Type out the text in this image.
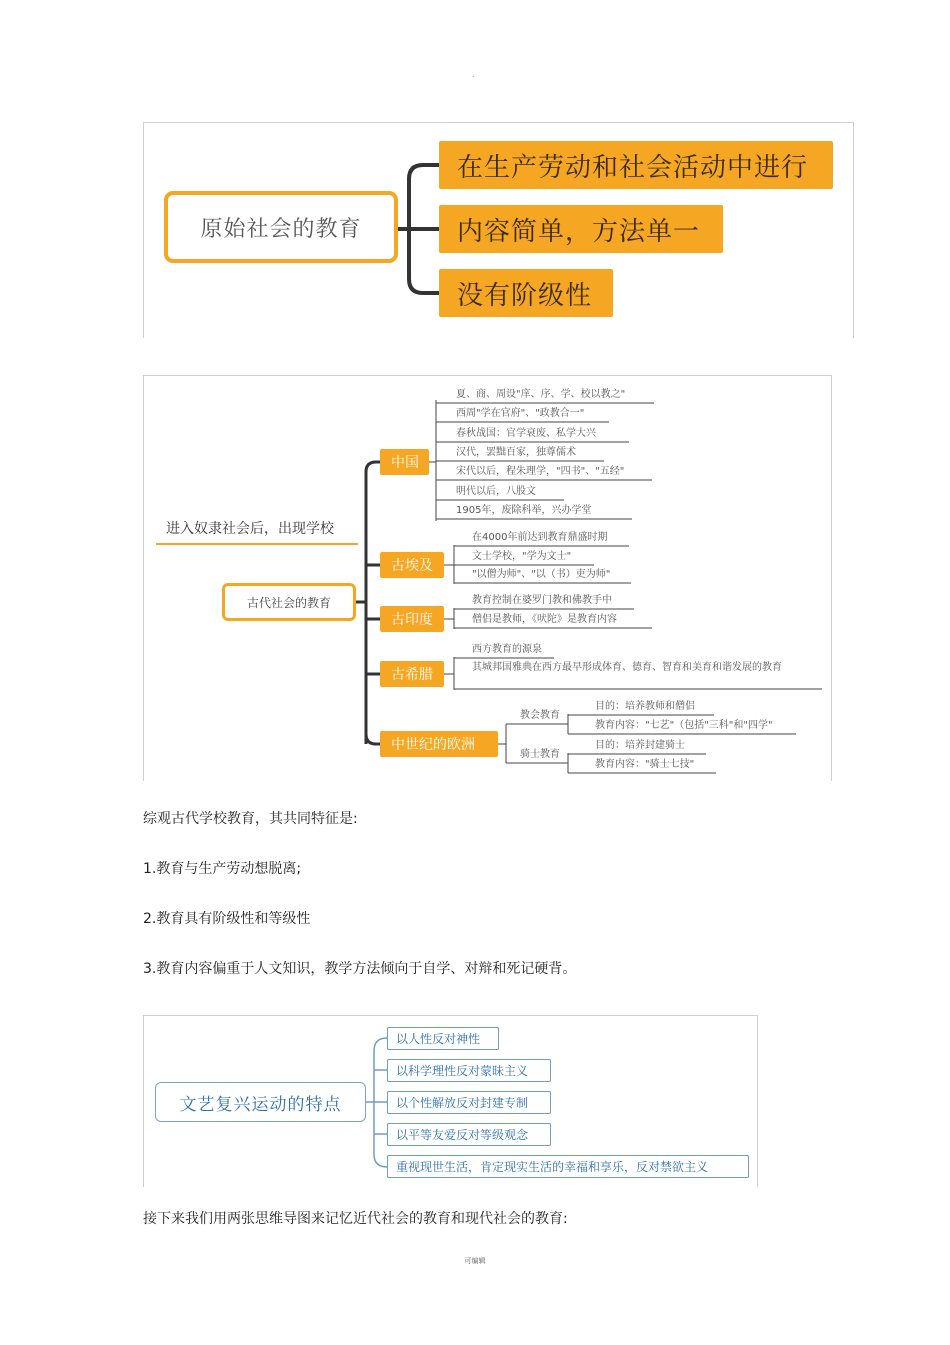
.
原始社会的教育
在生产劳动和社会活动中进行
内容简单，方法单一
没有阶级性
进入奴隶社会后，出现学校
古代社会的教育
中国
古埃及
古印度
古希腊
中世纪的欧洲
夏、商、周设"庠、序、学、校以教之"
西周"学在官府"、"政教合一"
春秋战国：官学衰废、私学大兴
汉代，罢黜百家，独尊儒术
宋代以后，程朱理学，"四书"、"五经"
明代以后，八股文
1905年，废除科举，兴办学堂
在4000年前达到教育鼎盛时期
文士学校，"学为文士"
"以僧为师"、"以（书）吏为师"
教育控制在婆罗门教和佛教手中
僧侣是教师，《吠陀》是教育内容
西方教育的源泉
其城邦国雅典在西方最早形成体育、德育、智育和美育和谐发展的教育
教会教育
骑士教育
目的：培养教师和僧侣
教育内容："七艺"（包括"三科"和"四学"
目的：培养封建骑士
教育内容："骑士七技"
综观古代学校教育，其共同特征是:
1.教育与生产劳动想脱离;
2.教育具有阶级性和等级性
3.教育内容偏重于人文知识，教学方法倾向于自学、对辩和死记硬背。
文艺复兴运动的特点
以人性反对神性
以科学理性反对蒙昧主义
以个性解放反对封建专制
以平等友爱反对等级观念
重视现世生活，肯定现实生活的幸福和享乐，反对禁欲主义
接下来我们用两张思维导图来记忆近代社会的教育和现代社会的教育:
可编辑
